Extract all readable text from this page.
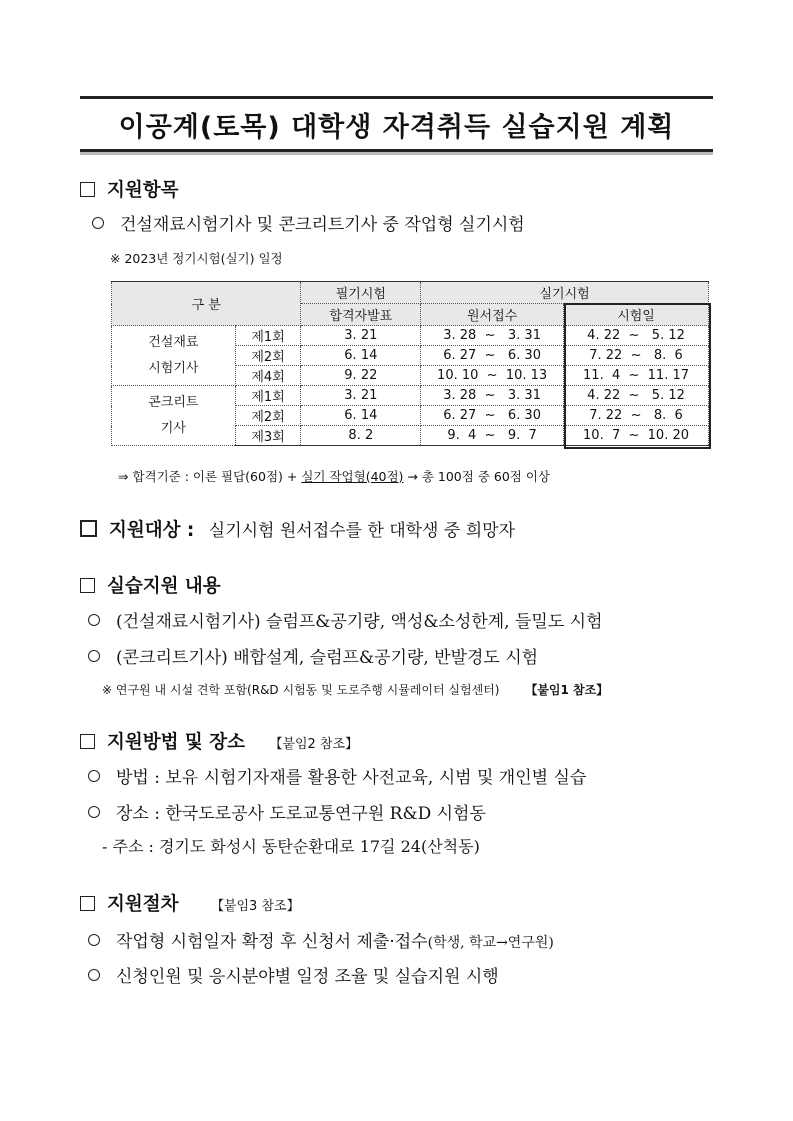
이공계(토목) 대학생 자격취득 실습지원 계획
지원항목
건설재료시험기사 및 콘크리트기사 중 작업형 실기시험
※ 2023년 정기시험(실기) 일정
구 분		필기시험	실기시험	
		합격자발표	원서접수	시험일
건설재료
시험기사	제1회	3. 21	3. 28  ~   3. 31	4. 22  ~   5. 12
	제2회	6. 14	6. 27  ~   6. 30	7. 22  ~   8.  6
	제4회	9. 22	10. 10  ~  10. 13	11.  4  ~  11. 17
콘크리트
기사	제1회	3. 21	3. 28  ~   3. 31	4. 22  ~   5. 12
	제2회	6. 14	6. 27  ~   6. 30	7. 22  ~   8.  6
	제3회	8. 2	9.  4  ~   9.  7	10.  7  ~  10. 20
⇒ 합격기준 : 이론 필답(60점) + 실기 작업형(40점) → 총 100점 중 60점 이상
지원대상 : 실기시험 원서접수를 한 대학생 중 희망자
실습지원 내용
(건설재료시험기사) 슬럼프&공기량, 액성&소성한계, 들밀도 시험
(콘크리트기사) 배합설계, 슬럼프&공기량, 반발경도 시험
※ 연구원 내 시설 견학 포함(R&D 시험동 및 도로주행 시뮬레이터 실험센터) 【붙임1 참조】
지원방법 및 장소 【붙임2 참조】
방법 : 보유 시험기자재를 활용한 사전교육, 시범 및 개인별 실습
장소 : 한국도로공사 도로교통연구원 R&D 시험동
- 주소 : 경기도 화성시 동탄순환대로 17길 24(산척동)
지원절차 【붙임3 참조】
작업형 시험일자 확정 후 신청서 제출·접수(학생, 학교→연구원)
신청인원 및 응시분야별 일정 조율 및 실습지원 시행
